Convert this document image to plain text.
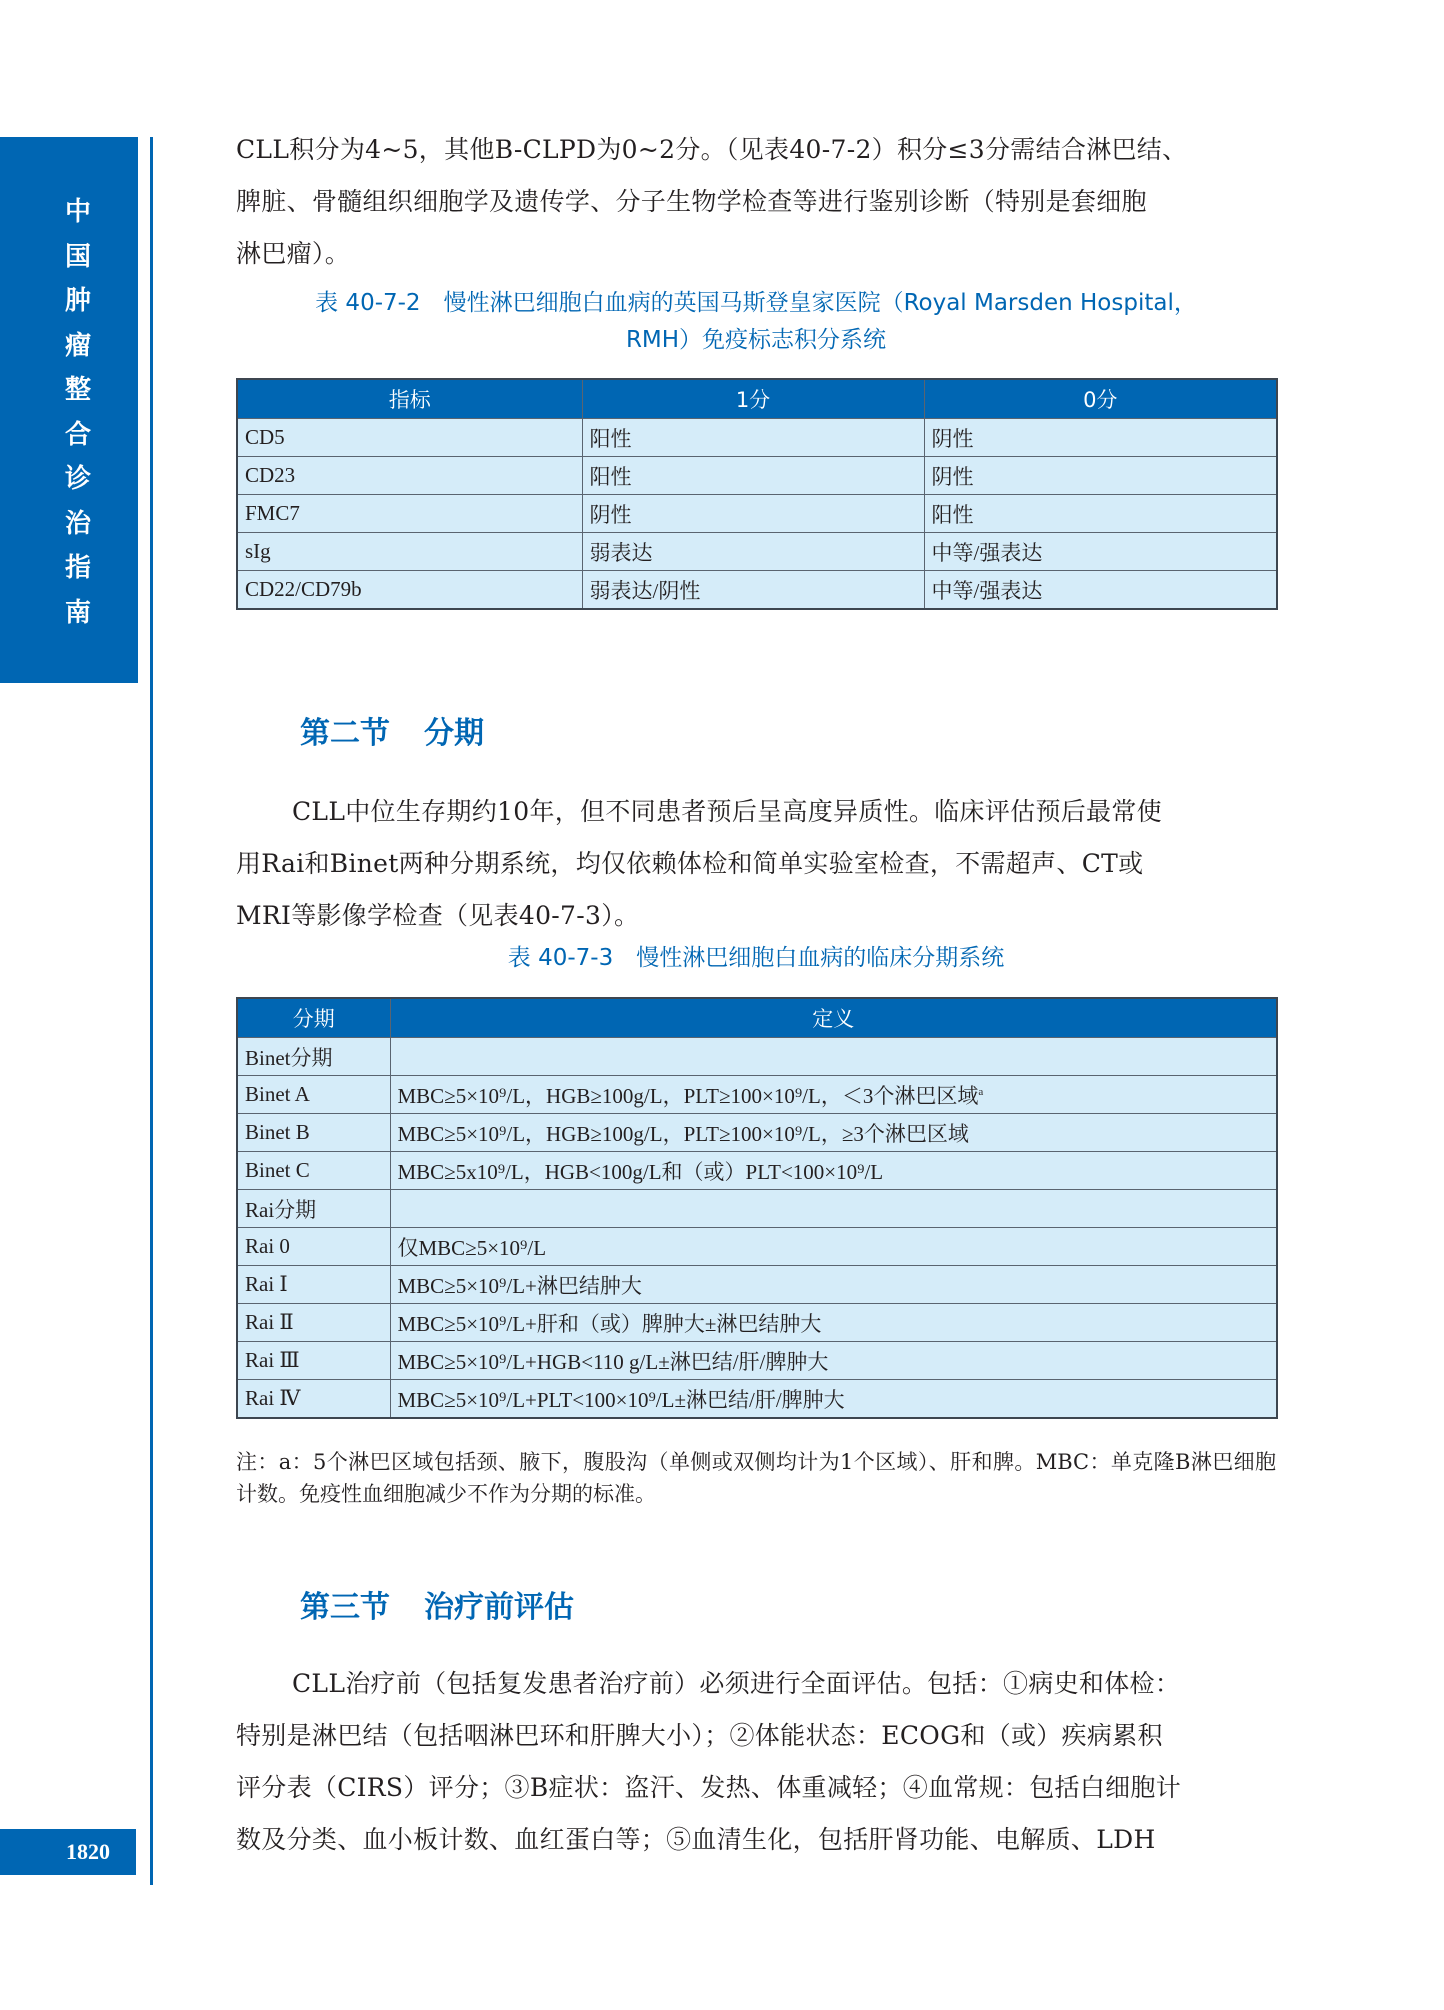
中
国
肿
瘤
整
合
诊
治
指
南
1820

CLL积分为4~5，其他B-CLPD为0~2分。（见表40-7-2）积分≤3分需结合淋巴结、

脾脏、骨髓组织细胞学及遗传学、分子生物学检查等进行鉴别诊断（特别是套细胞

淋巴瘤）。

表 40-7-2　慢性淋巴细胞白血病的英国马斯登皇家医院（Royal Marsden Hospital，
RMH）免疫标志积分系统
指标	1分	0分
CD5	阳性	阴性
CD23	阳性	阴性
FMC7	阴性	阳性
sIg	弱表达	中等/强表达
CD22/CD79b	弱表达/阴性	中等/强表达
第二节 分期

CLL中位生存期约10年，但不同患者预后呈高度异质性。临床评估预后最常使

用Rai和Binet两种分期系统，均仅依赖体检和简单实验室检查，不需超声、CT或

MRI等影像学检查（见表40-7-3）。

表 40-7-3　慢性淋巴细胞白血病的临床分期系统
分期	定义
Binet分期	
Binet A	MBC≥5×10⁹/L，HGB≥100g/L，PLT≥100×10⁹/L，＜3个淋巴区域$^a$
Binet B	MBC≥5×10⁹/L，HGB≥100g/L，PLT≥100×10⁹/L，≥3个淋巴区域
Binet C	MBC≥5x10⁹/L，HGB<100g/L和（或）PLT<100×10⁹/L
Rai分期	
Rai 0	仅MBC≥5×10⁹/L
Rai Ⅰ	MBC≥5×10⁹/L+淋巴结肿大
Rai Ⅱ	MBC≥5×10⁹/L+肝和（或）脾肿大±淋巴结肿大
Rai Ⅲ	MBC≥5×10⁹/L+HGB<110 g/L±淋巴结/肝/脾肿大
Rai Ⅳ	MBC≥5×10⁹/L+PLT<100×10⁹/L±淋巴结/肝/脾肿大
注：a：5个淋巴区域包括颈、腋下，腹股沟（单侧或双侧均计为1个区域）、肝和脾。MBC：单克隆B淋巴细胞计数。免疫性血细胞减少不作为分期的标准。
第三节 治疗前评估

CLL治疗前（包括复发患者治疗前）必须进行全面评估。包括：①病史和体检：

特别是淋巴结（包括咽淋巴环和肝脾大小）；②体能状态：ECOG和（或）疾病累积

评分表（CIRS）评分；③B症状：盗汗、发热、体重减轻；④血常规：包括白细胞计

数及分类、血小板计数、血红蛋白等；⑤血清生化，包括肝肾功能、电解质、LDH
